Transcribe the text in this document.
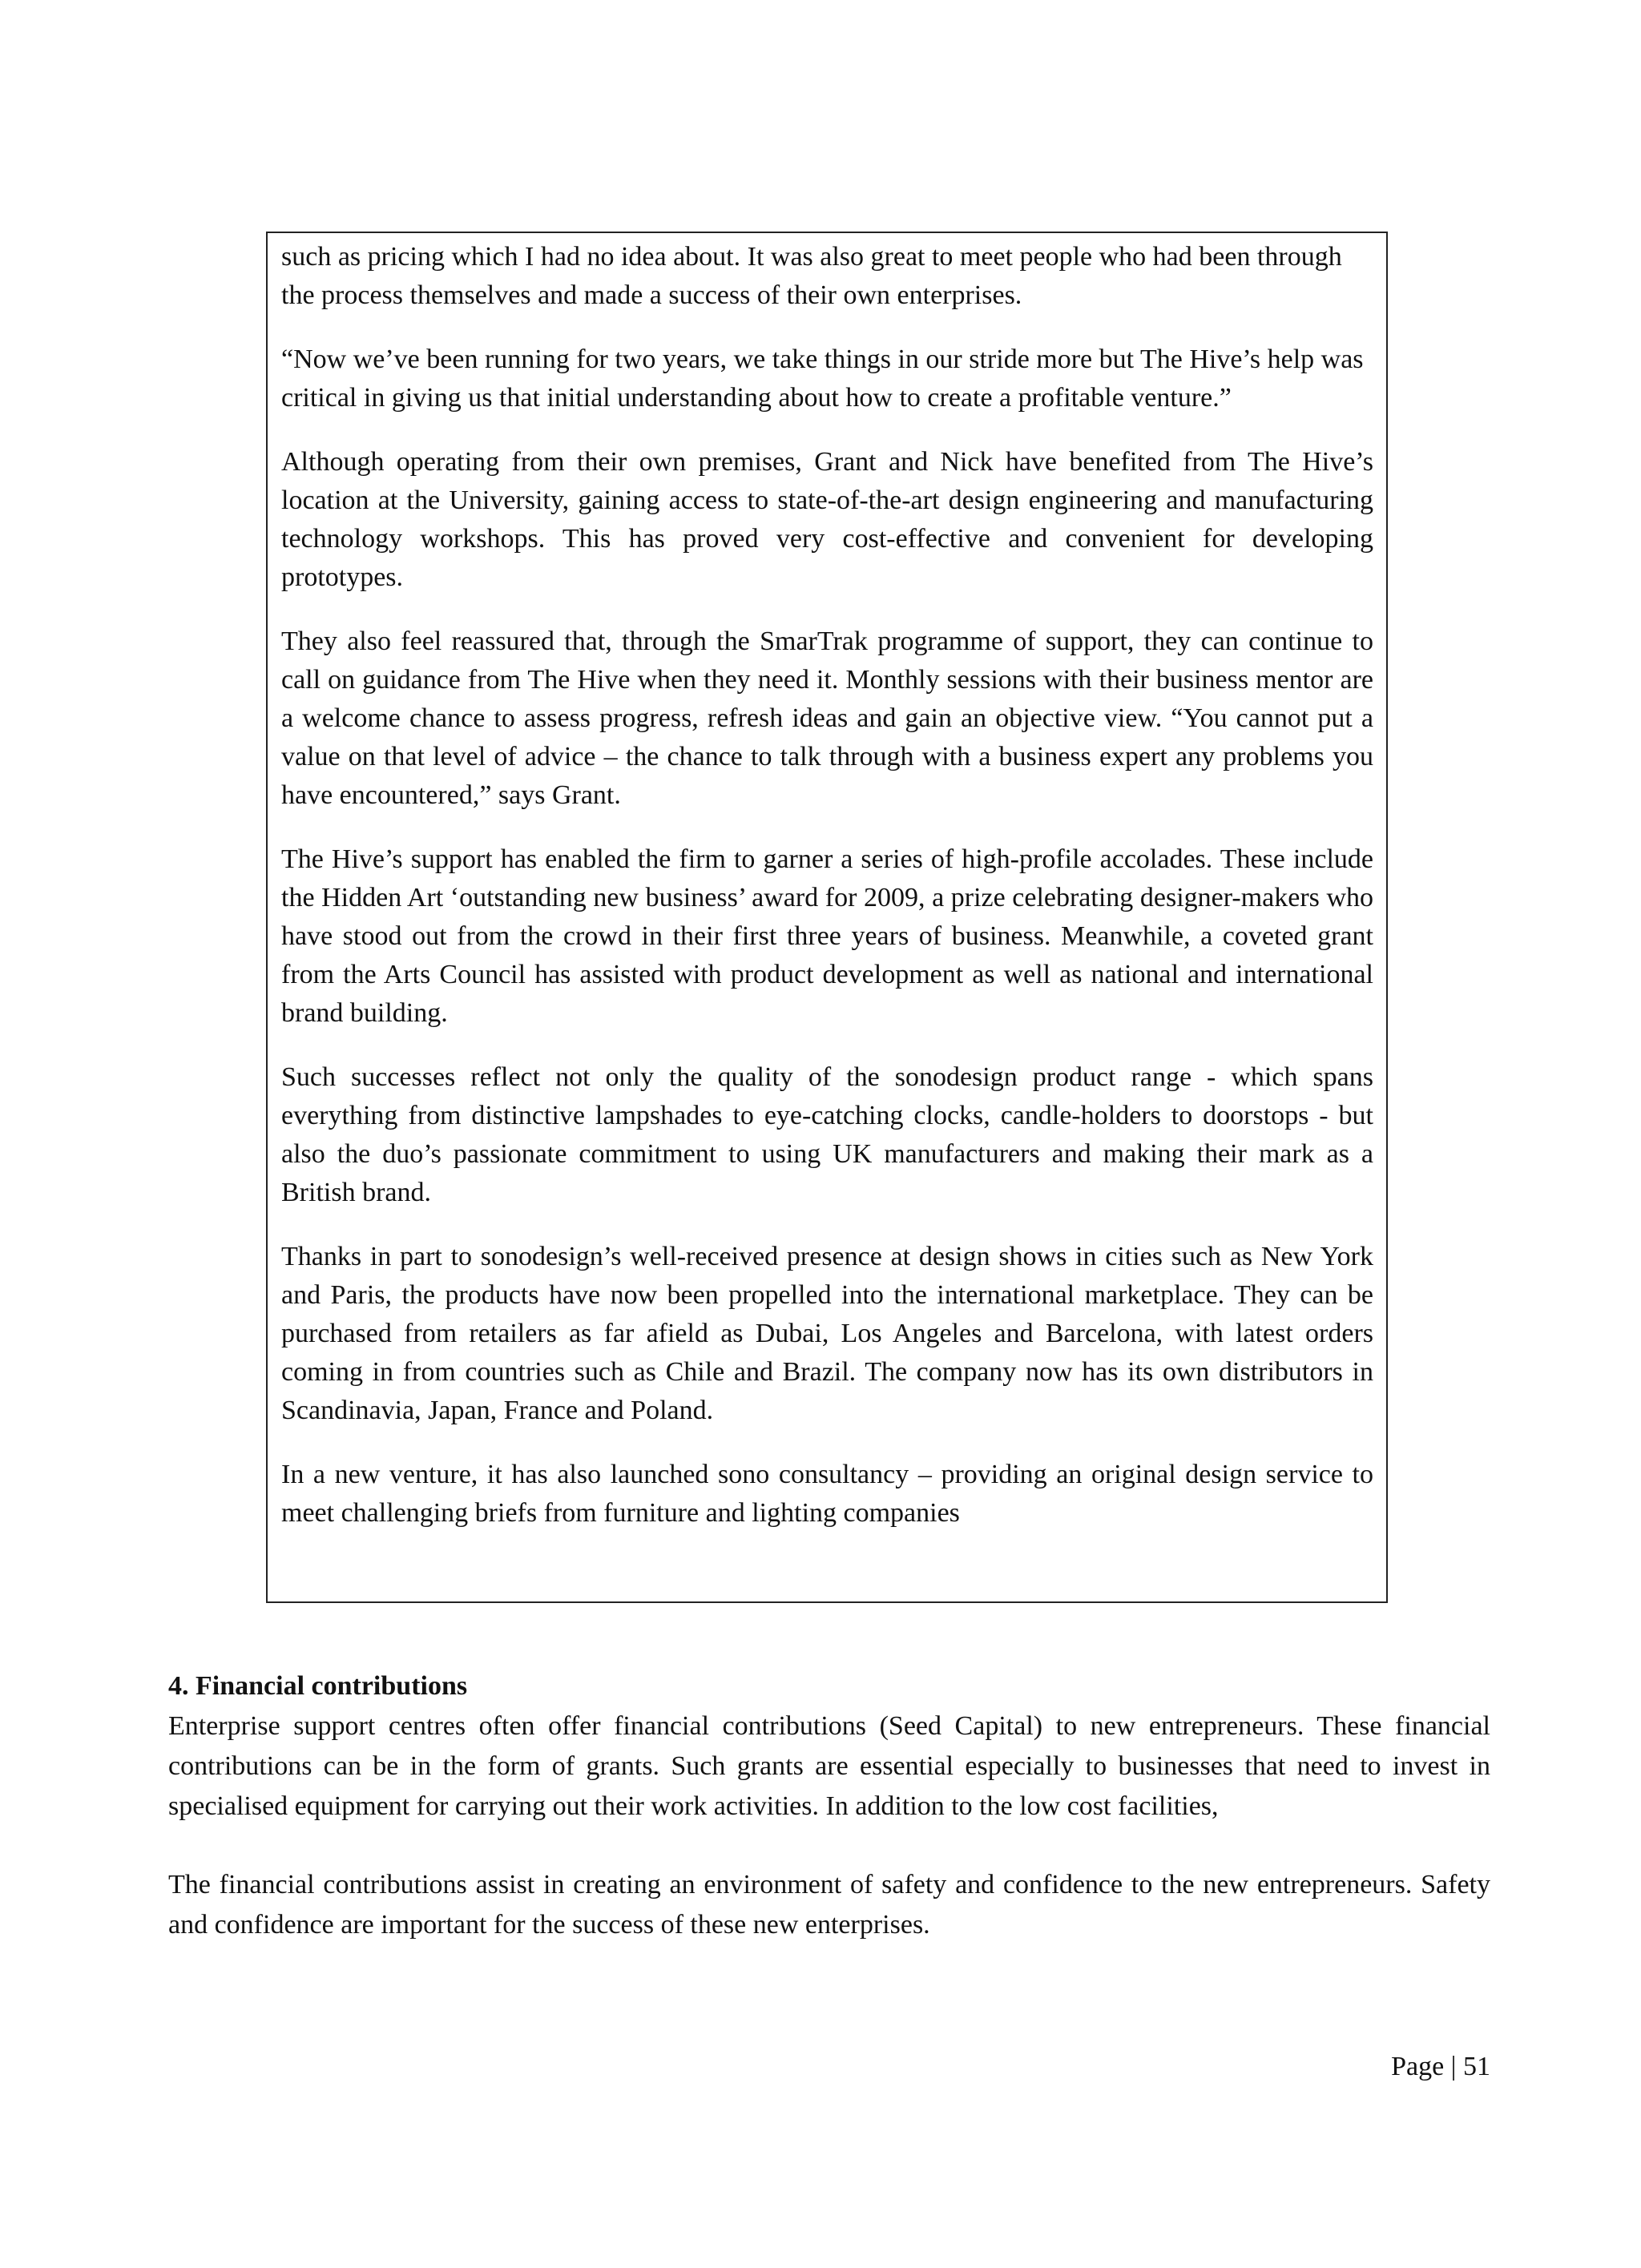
such as pricing which I had no idea about. It was also great to meet people who had been through the process themselves and made a success of their own enterprises.

“Now we’ve been running for two years, we take things in our stride more but The Hive’s help was critical in giving us that initial understanding about how to create a profitable venture.”

Although operating from their own premises, Grant and Nick have benefited from The Hive’s location at the University, gaining access to state-of-the-art design engineering and manufacturing technology workshops. This has proved very cost-effective and convenient for developing prototypes.

They also feel reassured that, through the SmarTrak programme of support, they can continue to call on guidance from The Hive when they need it. Monthly sessions with their business mentor are a welcome chance to assess progress, refresh ideas and gain an objective view. “You cannot put a value on that level of advice – the chance to talk through with a business expert any problems you have encountered,” says Grant.

The Hive’s support has enabled the firm to garner a series of high-profile accolades. These include the Hidden Art ‘outstanding new business’ award for 2009, a prize celebrating designer-makers who have stood out from the crowd in their first three years of business. Meanwhile, a coveted grant from the Arts Council has assisted with product development as well as national and international brand building.

Such successes reflect not only the quality of the sonodesign product range - which spans everything from distinctive lampshades to eye-catching clocks, candle-holders to doorstops - but also the duo’s passionate commitment to using UK manufacturers and making their mark as a British brand.

Thanks in part to sonodesign’s well-received presence at design shows in cities such as New York and Paris, the products have now been propelled into the international marketplace. They can be purchased from retailers as far afield as Dubai, Los Angeles and Barcelona, with latest orders coming in from countries such as Chile and Brazil. The company now has its own distributors in Scandinavia, Japan, France and Poland.

In a new venture, it has also launched sono consultancy – providing an original design service to meet challenging briefs from furniture and lighting companies

4. Financial contributions

Enterprise support centres often offer financial contributions (Seed Capital) to new entrepreneurs. These financial contributions can be in the form of grants. Such grants are essential especially to businesses that need to invest in specialised equipment for carrying out their work activities. In addition to the low cost facilities,

The financial contributions assist in creating an environment of safety and confidence to the new entrepreneurs. Safety and confidence are important for the success of these new enterprises.

Page | 51
